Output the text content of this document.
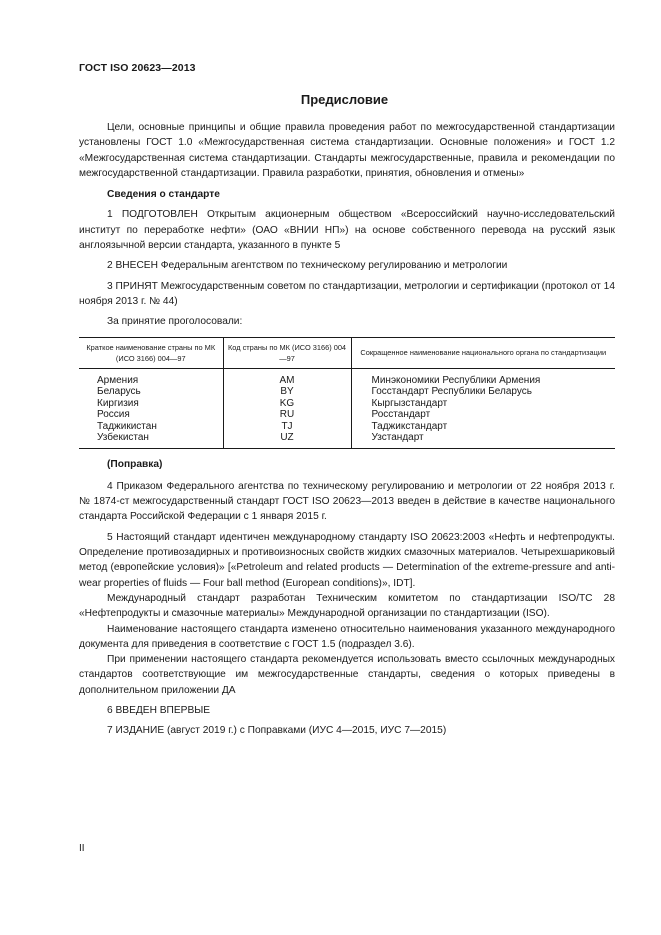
ГОСТ ISO 20623—2013
Предисловие

Цели, основные принципы и общие правила проведения работ по межгосударственной стандартизации установлены ГОСТ 1.0 «Межгосударственная система стандартизации. Основные положения» и ГОСТ 1.2 «Межгосударственная система стандартизации. Стандарты межгосударственные, правила и рекомендации по межгосударственной стандартизации. Правила разработки, принятия, обновления и отмены»

Сведения о стандарте

1 ПОДГОТОВЛЕН Открытым акционерным обществом «Всероссийский научно-исследовательский институт по переработке нефти» (ОАО «ВНИИ НП») на основе собственного перевода на русский язык англоязычной версии стандарта, указанного в пункте 5

2 ВНЕСЕН Федеральным агентством по техническому регулированию и метрологии

3 ПРИНЯТ Межгосударственным советом по стандартизации, метрологии и сертификации (протокол от 14 ноября 2013 г. № 44)

За принятие проголосовали:

Краткое наименование страны по МК (ИСО 3166) 004—97	Код страны по МК (ИСО 3166) 004—97	Сокращенное наименование национального органа по стандартизации
Армения	AM	Минэкономики Республики Армения
Беларусь	BY	Госстандарт Республики Беларусь
Киргизия	KG	Кыргызстандарт
Россия	RU	Росстандарт
Таджикистан	TJ	Таджикстандарт
Узбекистан	UZ	Узстандарт
(Поправка)

4 Приказом Федерального агентства по техническому регулированию и метрологии от 22 ноября 2013 г. № 1874-ст межгосударственный стандарт ГОСТ ISO 20623—2013 введен в действие в качестве национального стандарта Российской Федерации с 1 января 2015 г.

5 Настоящий стандарт идентичен международному стандарту ISO 20623:2003 «Нефть и нефтепродукты. Определение противозадирных и противоизносных свойств жидких смазочных материалов. Четырехшариковый метод (европейские условия)» [«Petroleum and related products — Determination of the extreme-pressure and anti-wear properties of fluids — Four ball method (European conditions)», IDT].

Международный стандарт разработан Техническим комитетом по стандартизации ISO/TC 28 «Нефтепродукты и смазочные материалы» Международной организации по стандартизации (ISO).

Наименование настоящего стандарта изменено относительно наименования указанного международного документа для приведения в соответствие с ГОСТ 1.5 (подраздел 3.6).

При применении настоящего стандарта рекомендуется использовать вместо ссылочных международных стандартов соответствующие им межгосударственные стандарты, сведения о которых приведены в дополнительном приложении ДА

6 ВВЕДЕН ВПЕРВЫЕ

7 ИЗДАНИЕ (август 2019 г.) с Поправками (ИУС 4—2015, ИУС 7—2015)

II
